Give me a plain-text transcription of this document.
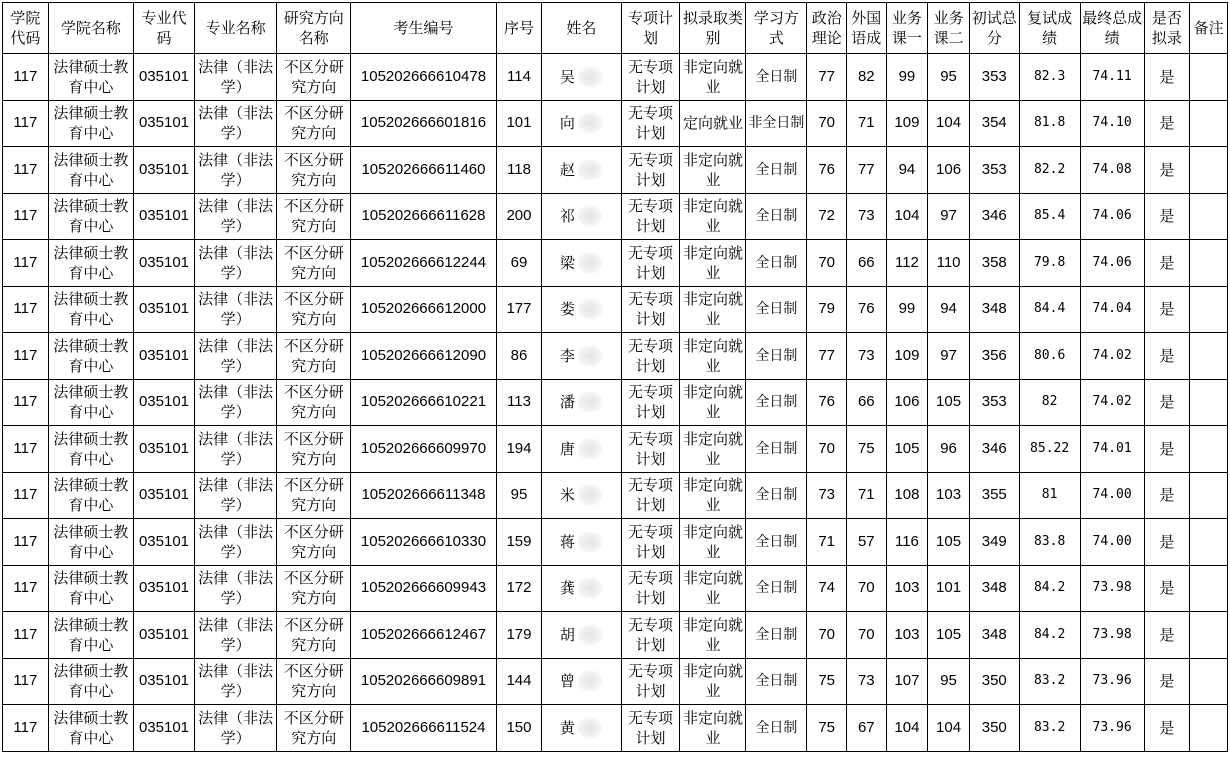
学院代码	学院名称	专业代码	专业名称	研究方向名称	考生编号	序号	姓名	专项计划	拟录取类别	学习方式	政治理论	外国语成	业务课一	业务课二	初试总分	复试成绩	最终总成绩	是否拟录	备注
117	法律硕士教育中心	035101	法律（非法学）	不区分研究方向	105202666610478	114	吴	无专项计划	非定向就业	全日制	77	82	99	95	353	82.3	74.11	是	
117	法律硕士教育中心	035101	法律（非法学）	不区分研究方向	105202666601816	101	向	无专项计划	定向就业	非全日制	70	71	109	104	354	81.8	74.10	是	
117	法律硕士教育中心	035101	法律（非法学）	不区分研究方向	105202666611460	118	赵	无专项计划	非定向就业	全日制	76	77	94	106	353	82.2	74.08	是	
117	法律硕士教育中心	035101	法律（非法学）	不区分研究方向	105202666611628	200	祁	无专项计划	非定向就业	全日制	72	73	104	97	346	85.4	74.06	是	
117	法律硕士教育中心	035101	法律（非法学）	不区分研究方向	105202666612244	69	梁	无专项计划	非定向就业	全日制	70	66	112	110	358	79.8	74.06	是	
117	法律硕士教育中心	035101	法律（非法学）	不区分研究方向	105202666612000	177	娄	无专项计划	非定向就业	全日制	79	76	99	94	348	84.4	74.04	是	
117	法律硕士教育中心	035101	法律（非法学）	不区分研究方向	105202666612090	86	李	无专项计划	非定向就业	全日制	77	73	109	97	356	80.6	74.02	是	
117	法律硕士教育中心	035101	法律（非法学）	不区分研究方向	105202666610221	113	潘	无专项计划	非定向就业	全日制	76	66	106	105	353	82	74.02	是	
117	法律硕士教育中心	035101	法律（非法学）	不区分研究方向	105202666609970	194	唐	无专项计划	非定向就业	全日制	70	75	105	96	346	85.22	74.01	是	
117	法律硕士教育中心	035101	法律（非法学）	不区分研究方向	105202666611348	95	米	无专项计划	非定向就业	全日制	73	71	108	103	355	81	74.00	是	
117	法律硕士教育中心	035101	法律（非法学）	不区分研究方向	105202666610330	159	蒋	无专项计划	非定向就业	全日制	71	57	116	105	349	83.8	74.00	是	
117	法律硕士教育中心	035101	法律（非法学）	不区分研究方向	105202666609943	172	龚	无专项计划	非定向就业	全日制	74	70	103	101	348	84.2	73.98	是	
117	法律硕士教育中心	035101	法律（非法学）	不区分研究方向	105202666612467	179	胡	无专项计划	非定向就业	全日制	70	70	103	105	348	84.2	73.98	是	
117	法律硕士教育中心	035101	法律（非法学）	不区分研究方向	105202666609891	144	曾	无专项计划	非定向就业	全日制	75	73	107	95	350	83.2	73.96	是	
117	法律硕士教育中心	035101	法律（非法学）	不区分研究方向	105202666611524	150	黄	无专项计划	非定向就业	全日制	75	67	104	104	350	83.2	73.96	是	
